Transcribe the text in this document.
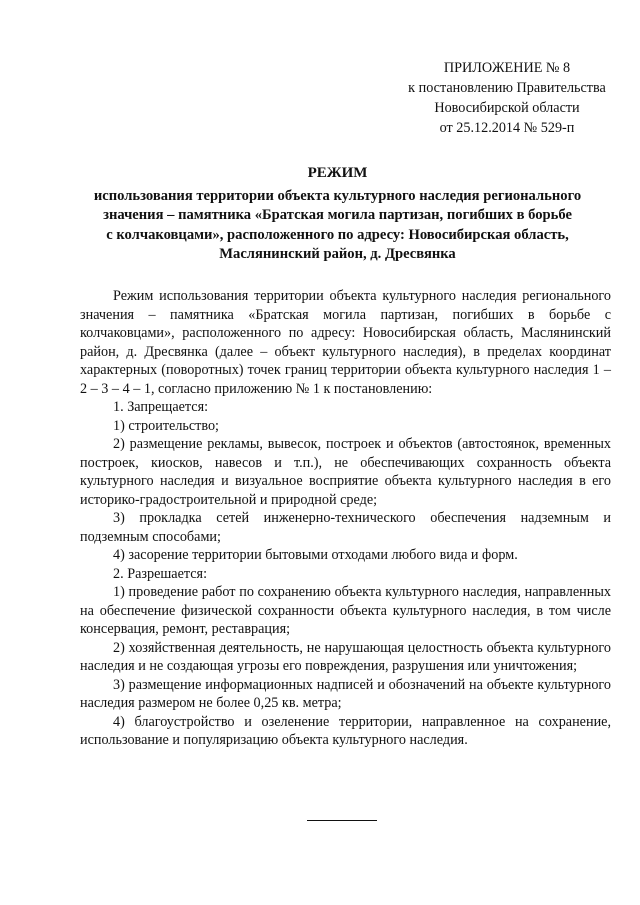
ПРИЛОЖЕНИЕ № 8
к постановлению Правительства
Новосибирской области
от 25.12.2014 № 529-п
РЕЖИМ
использования территории объекта культурного наследия регионального
значения – памятника «Братская могила партизан, погибших в борьбе
с колчаковцами», расположенного по адресу: Новосибирская область,
Маслянинский район, д. Дресвянка

Режим использования территории объекта культурного наследия регионального значения – памятника «Братская могила партизан, погибших в борьбе с колчаковцами», расположенного по адресу: Новосибирская область, Маслянинский район, д. Дресвянка (далее – объект культурного наследия), в пределах координат характерных (поворотных) точек границ территории объекта культурного наследия 1 – 2 – 3 – 4 – 1, согласно приложению № 1 к постановлению:

1. Запрещается:

1) строительство;

2) размещение рекламы, вывесок, построек и объектов (автостоянок, временных построек, киосков, навесов и т.п.), не обеспечивающих сохранность объекта культурного наследия и визуальное восприятие объекта культурного наследия в его историко-градостроительной и природной среде;

3) прокладка сетей инженерно-технического обеспечения надземным и подземным способами;

4) засорение территории бытовыми отходами любого вида и форм.

2. Разрешается:

1) проведение работ по сохранению объекта культурного наследия, направленных на обеспечение физической сохранности объекта культурного наследия, в том числе консервация, ремонт, реставрация;

2) хозяйственная деятельность, не нарушающая целостность объекта культурного наследия и не создающая угрозы его повреждения, разрушения или уничтожения;

3) размещение информационных надписей и обозначений на объекте культурного наследия размером не более 0,25 кв. метра;

4) благоустройство и озеленение территории, направленное на сохранение, использование и популяризацию объекта культурного наследия.
